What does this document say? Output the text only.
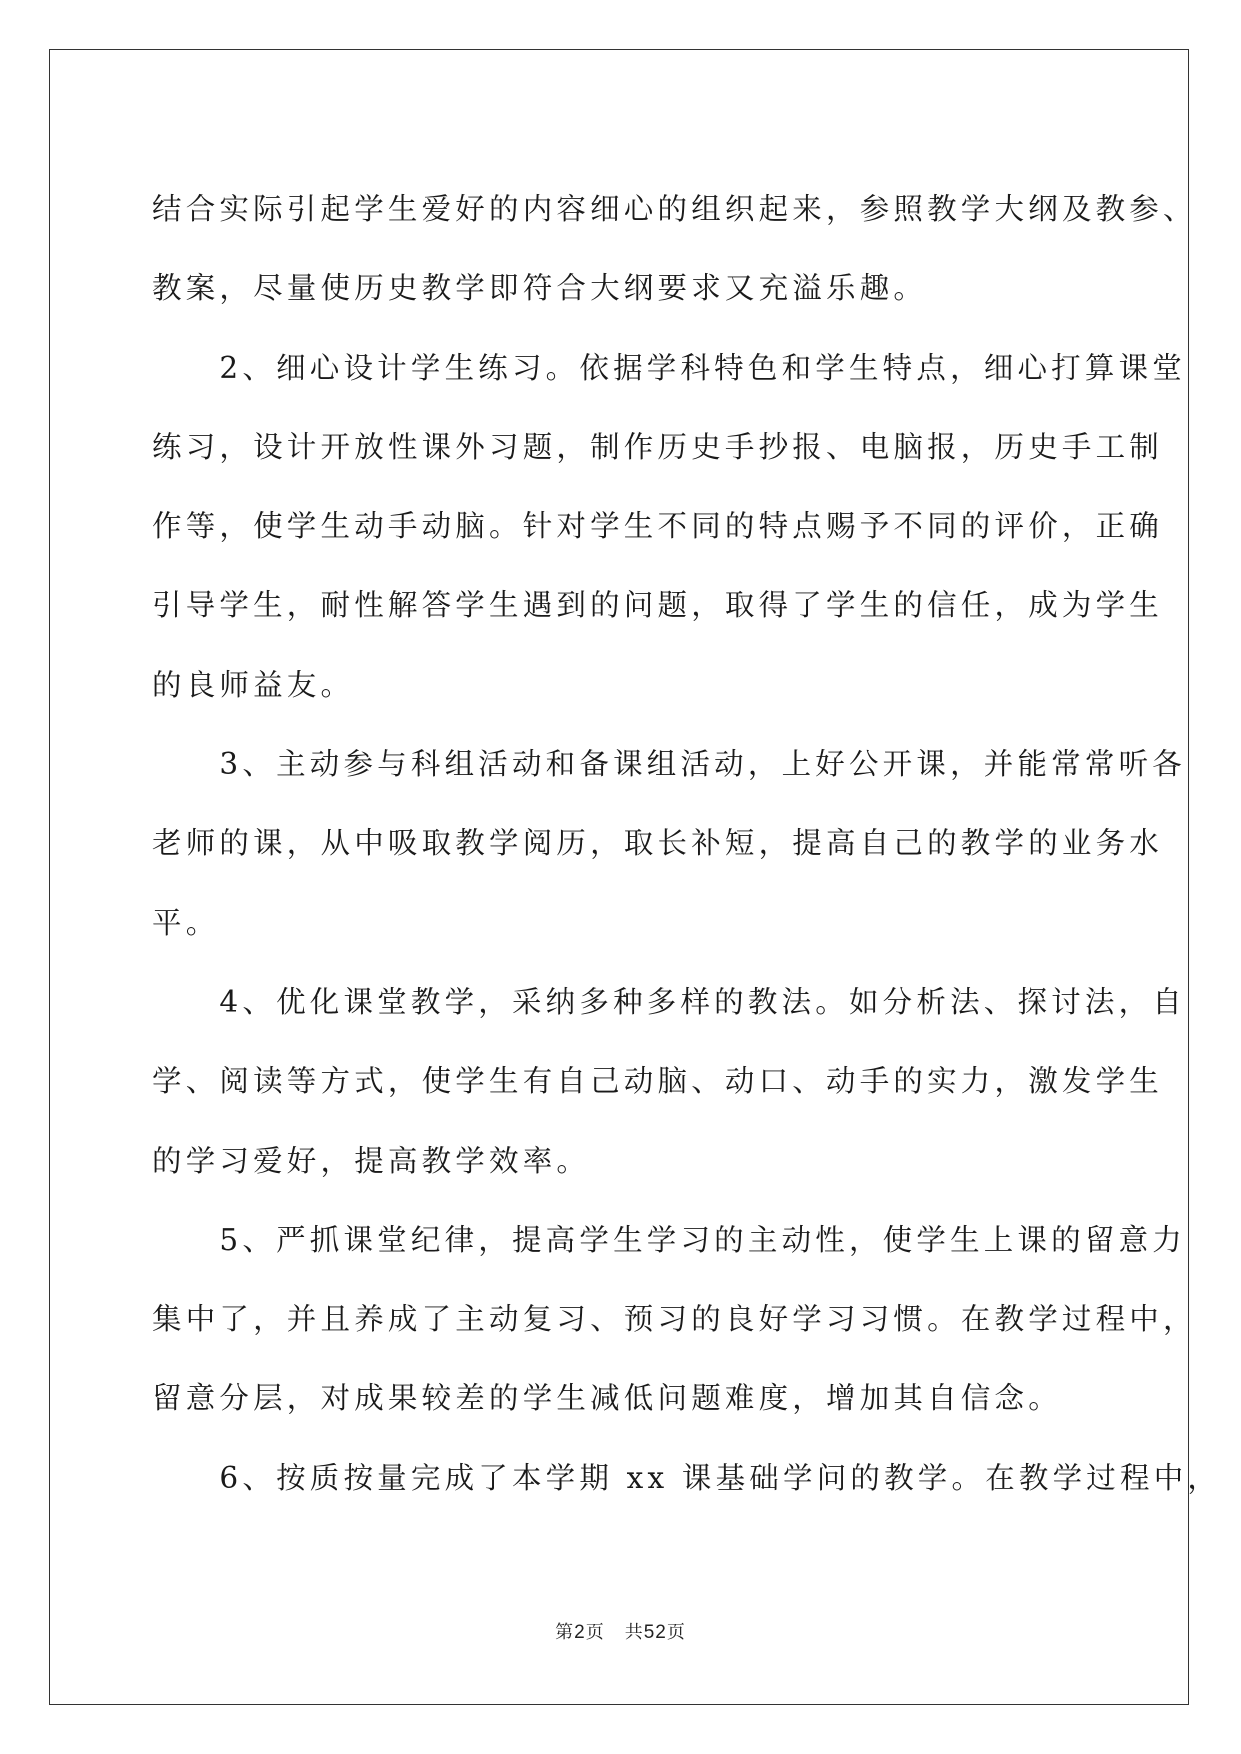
结合实际引起学生爱好的内容细心的组织起来，参照教学大纲及教参、
教案，尽量使历史教学即符合大纲要求又充溢乐趣。
　　2、细心设计学生练习。依据学科特色和学生特点，细心打算课堂
练习，设计开放性课外习题，制作历史手抄报、电脑报，历史手工制
作等，使学生动手动脑。针对学生不同的特点赐予不同的评价，正确
引导学生，耐性解答学生遇到的问题，取得了学生的信任，成为学生
的良师益友。
　　3、主动参与科组活动和备课组活动，上好公开课，并能常常听各
老师的课，从中吸取教学阅历，取长补短，提高自己的教学的业务水
平。
　　4、优化课堂教学，采纳多种多样的教法。如分析法、探讨法，自
学、阅读等方式，使学生有自己动脑、动口、动手的实力，激发学生
的学习爱好，提高教学效率。
　　5、严抓课堂纪律，提高学生学习的主动性，使学生上课的留意力
集中了，并且养成了主动复习、预习的良好学习习惯。在教学过程中，
留意分层，对成果较差的学生减低问题难度，增加其自信念。
　　6、按质按量完成了本学期 xx 课基础学问的教学。在教学过程中，
第2页 共52页
